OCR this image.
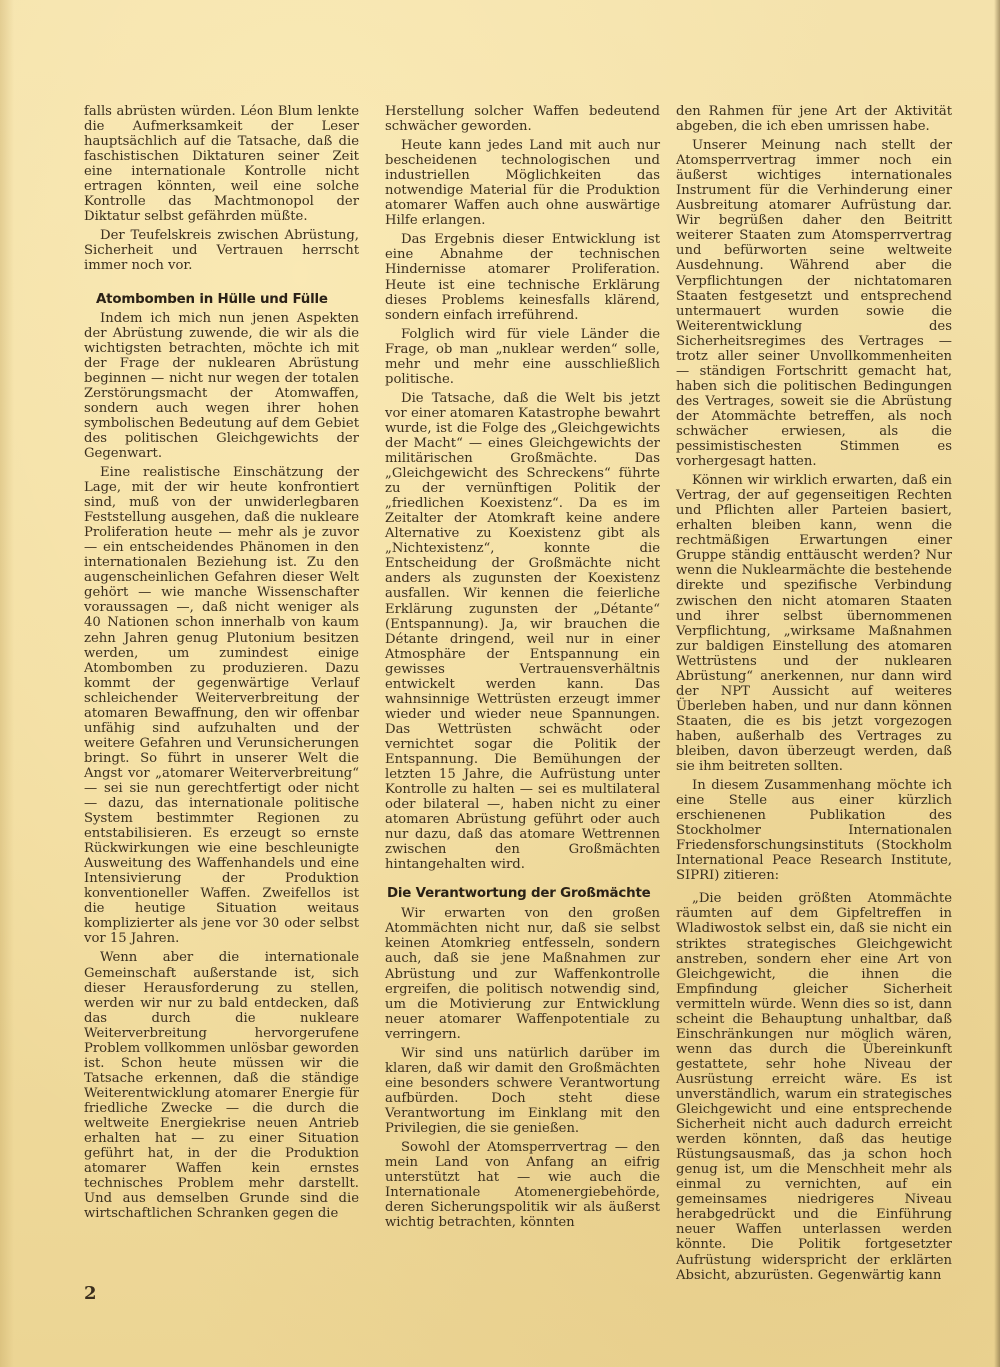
falls abrüsten würden. Léon Blum lenkte die Aufmerksamkeit der Leser hauptsächlich auf die Tatsache, daß die faschistischen Diktaturen seiner Zeit eine internationale Kontrolle nicht ertragen könnten, weil eine solche Kontrolle das Machtmonopol der Diktatur selbst gefährden müßte.

Der Teufelskreis zwischen Abrüstung, Sicherheit und Vertrauen herrscht immer noch vor.

Atombomben in Hülle und Fülle

Indem ich mich nun jenen Aspekten der Abrüstung zuwende, die wir als die wichtigsten betrachten, möchte ich mit der Frage der nuklearen Abrüstung beginnen — nicht nur wegen der totalen Zerstörungsmacht der Atomwaffen, sondern auch wegen ihrer hohen symbolischen Bedeutung auf dem Gebiet des politischen Gleichgewichts der Gegenwart.

Eine realistische Einschätzung der Lage, mit der wir heute konfrontiert sind, muß von der unwiderlegbaren Feststellung ausgehen, daß die nukleare Proliferation heute — mehr als je zuvor — ein entscheidendes Phänomen in den internationalen Beziehung ist. Zu den augenscheinlichen Gefahren dieser Welt gehört — wie manche Wissenschafter voraussagen —, daß nicht weniger als 40 Nationen schon innerhalb von kaum zehn Jahren genug Plutonium besitzen werden, um zumindest einige Atombomben zu produzieren. Dazu kommt der gegenwärtige Verlauf schleichender Weiterverbreitung der atomaren Bewaffnung, den wir offenbar unfähig sind aufzuhalten und der weitere Gefahren und Verunsicherungen bringt. So führt in unserer Welt die Angst vor „atomarer Weiterverbreitung“ — sei sie nun gerechtfertigt oder nicht — dazu, das internationale politische System bestimmter Regionen zu entstabilisieren. Es erzeugt so ernste Rückwirkungen wie eine beschleunigte Ausweitung des Waffenhandels und eine Intensivierung der Produktion konventioneller Waffen. Zweifellos ist die heutige Situation weitaus komplizierter als jene vor 30 oder selbst vor 15 Jahren.

Wenn aber die internationale Gemeinschaft außerstande ist, sich dieser Herausforderung zu stellen, werden wir nur zu bald entdecken, daß das durch die nukleare Weiterverbreitung hervorgerufene Problem vollkommen unlösbar geworden ist. Schon heute müssen wir die Tatsache erkennen, daß die ständige Weiterentwicklung atomarer Energie für friedliche Zwecke — die durch die weltweite Energiekrise neuen Antrieb erhalten hat — zu einer Situation geführt hat, in der die Produktion atomarer Waffen kein ernstes technisches Problem mehr darstellt. Und aus demselben Grunde sind die wirtschaftlichen Schranken gegen die

Herstellung solcher Waffen bedeutend schwächer geworden.

Heute kann jedes Land mit auch nur bescheidenen technologischen und industriellen Möglichkeiten das notwendige Material für die Produktion atomarer Waffen auch ohne auswärtige Hilfe erlangen.

Das Ergebnis dieser Entwicklung ist eine Abnahme der technischen Hindernisse atomarer Proliferation. Heute ist eine technische Erklärung dieses Problems keinesfalls klärend, sondern einfach irreführend.

Folglich wird für viele Länder die Frage, ob man „nuklear werden“ solle, mehr und mehr eine ausschließlich politische.

Die Tatsache, daß die Welt bis jetzt vor einer atomaren Katastrophe bewahrt wurde, ist die Folge des „Gleichgewichts der Macht“ — eines Gleichgewichts der militärischen Großmächte. Das „Gleichgewicht des Schreckens“ führte zu der vernünftigen Politik der „friedlichen Koexistenz“. Da es im Zeitalter der Atomkraft keine andere Alternative zu Koexistenz gibt als „Nichtexistenz“, konnte die Entscheidung der Großmächte nicht anders als zugunsten der Koexistenz ausfallen. Wir kennen die feierliche Erklärung zugunsten der „Détante“ (Entspannung). Ja, wir brauchen die Détante dringend, weil nur in einer Atmosphäre der Entspannung ein gewisses Vertrauensverhältnis entwickelt werden kann. Das wahnsinnige Wettrüsten erzeugt immer wieder und wieder neue Spannungen. Das Wettrüsten schwächt oder vernichtet sogar die Politik der Entspannung. Die Bemühungen der letzten 15 Jahre, die Aufrüstung unter Kontrolle zu halten — sei es multilateral oder bilateral —, haben nicht zu einer atomaren Abrüstung geführt oder auch nur dazu, daß das atomare Wettrennen zwischen den Großmächten hintangehalten wird.

Die Verantwortung der Großmächte

Wir erwarten von den großen Atommächten nicht nur, daß sie selbst keinen Atomkrieg entfesseln, sondern auch, daß sie jene Maßnahmen zur Abrüstung und zur Waffenkontrolle ergreifen, die politisch notwendig sind, um die Motivierung zur Entwicklung neuer atomarer Waffenpotentiale zu verringern.

Wir sind uns natürlich darüber im klaren, daß wir damit den Großmächten eine besonders schwere Verantwortung aufbürden. Doch steht diese Verantwortung im Einklang mit den Privilegien, die sie genießen.

Sowohl der Atomsperrvertrag — den mein Land von Anfang an eifrig unterstützt hat — wie auch die Internationale Atomenergiebehörde, deren Sicherungspolitik wir als äußerst wichtig betrachten, könnten

den Rahmen für jene Art der Aktivität abgeben, die ich eben umrissen habe.

Unserer Meinung nach stellt der Atomsperrvertrag immer noch ein äußerst wichtiges internationales Instrument für die Verhinderung einer Ausbreitung atomarer Aufrüstung dar. Wir begrüßen daher den Beitritt weiterer Staaten zum Atomsperrvertrag und befürworten seine weltweite Ausdehnung. Während aber die Verpflichtungen der nichtatomaren Staaten festgesetzt und entsprechend untermauert wurden sowie die Weiterentwicklung des Sicherheitsregimes des Vertrages — trotz aller seiner Unvollkommenheiten — ständigen Fortschritt gemacht hat, haben sich die politischen Bedingungen des Vertrages, soweit sie die Abrüstung der Atommächte betreffen, als noch schwächer erwiesen, als die pessimistischesten Stimmen es vorhergesagt hatten.

Können wir wirklich erwarten, daß ein Vertrag, der auf gegenseitigen Rechten und Pflichten aller Parteien basiert, erhalten bleiben kann, wenn die rechtmäßigen Erwartungen einer Gruppe ständig enttäuscht werden? Nur wenn die Nuklearmächte die bestehende direkte und spezifische Verbindung zwischen den nicht atomaren Staaten und ihrer selbst übernommenen Verpflichtung, „wirksame Maßnahmen zur baldigen Einstellung des atomaren Wettrüstens und der nuklearen Abrüstung“ anerkennen, nur dann wird der NPT Aussicht auf weiteres Überleben haben, und nur dann können Staaten, die es bis jetzt vorgezogen haben, außerhalb des Vertrages zu bleiben, davon überzeugt werden, daß sie ihm beitreten sollten.

In diesem Zusammenhang möchte ich eine Stelle aus einer kürzlich erschienenen Publikation des Stockholmer Internationalen Friedensforschungsinstituts (Stockholm International Peace Research Institute, SIPRI) zitieren:

„Die beiden größten Atommächte räumten auf dem Gipfeltreffen in Wladiwostok selbst ein, daß sie nicht ein striktes strategisches Gleichgewicht anstreben, sondern eher eine Art von Gleichgewicht, die ihnen die Empfindung gleicher Sicherheit vermitteln würde. Wenn dies so ist, dann scheint die Behauptung unhaltbar, daß Einschränkungen nur möglich wären, wenn das durch die Übereinkunft gestattete, sehr hohe Niveau der Ausrüstung erreicht wäre. Es ist unverständlich, warum ein strategisches Gleichgewicht und eine entsprechende Sicherheit nicht auch dadurch erreicht werden könnten, daß das heutige Rüstungsausmaß, das ja schon hoch genug ist, um die Menschheit mehr als einmal zu vernichten, auf ein gemeinsames niedrigeres Niveau herabgedrückt und die Einführung neuer Waffen unterlassen werden könnte. Die Politik fortgesetzter Aufrüstung widerspricht der erklärten Absicht, abzurüsten. Gegenwärtig kann

2
